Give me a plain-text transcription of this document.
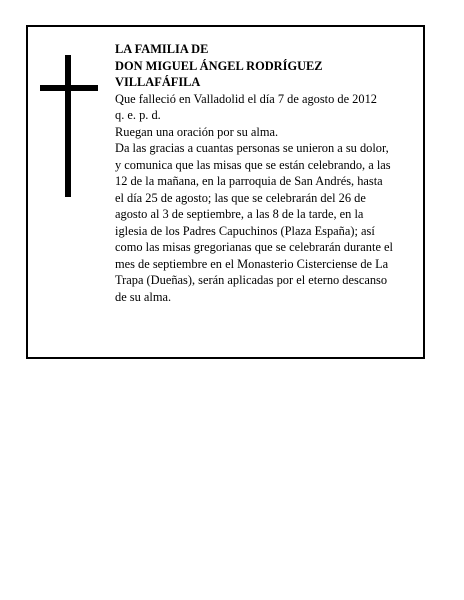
LA FAMILIA DE
DON MIGUEL ÁNGEL RODRÍGUEZ
VILLAFÁFILA
Que falleció en Valladolid el día 7 de agosto de 2012
q. e. p. d.
Ruegan una oración por su alma.
Da las gracias a cuantas personas se unieron a su dolor,
y comunica que las misas que se están celebrando, a las
12 de la mañana, en la parroquia de San Andrés, hasta
el día 25 de agosto; las que se celebrarán del 26 de
agosto al 3 de septiembre, a las 8 de la tarde, en la
iglesia de los Padres Capuchinos (Plaza España); así
como las misas gregorianas que se celebrarán durante el
mes de septiembre en el Monasterio Cisterciense de La
Trapa (Dueñas), serán aplicadas por el eterno descanso
de su alma.
